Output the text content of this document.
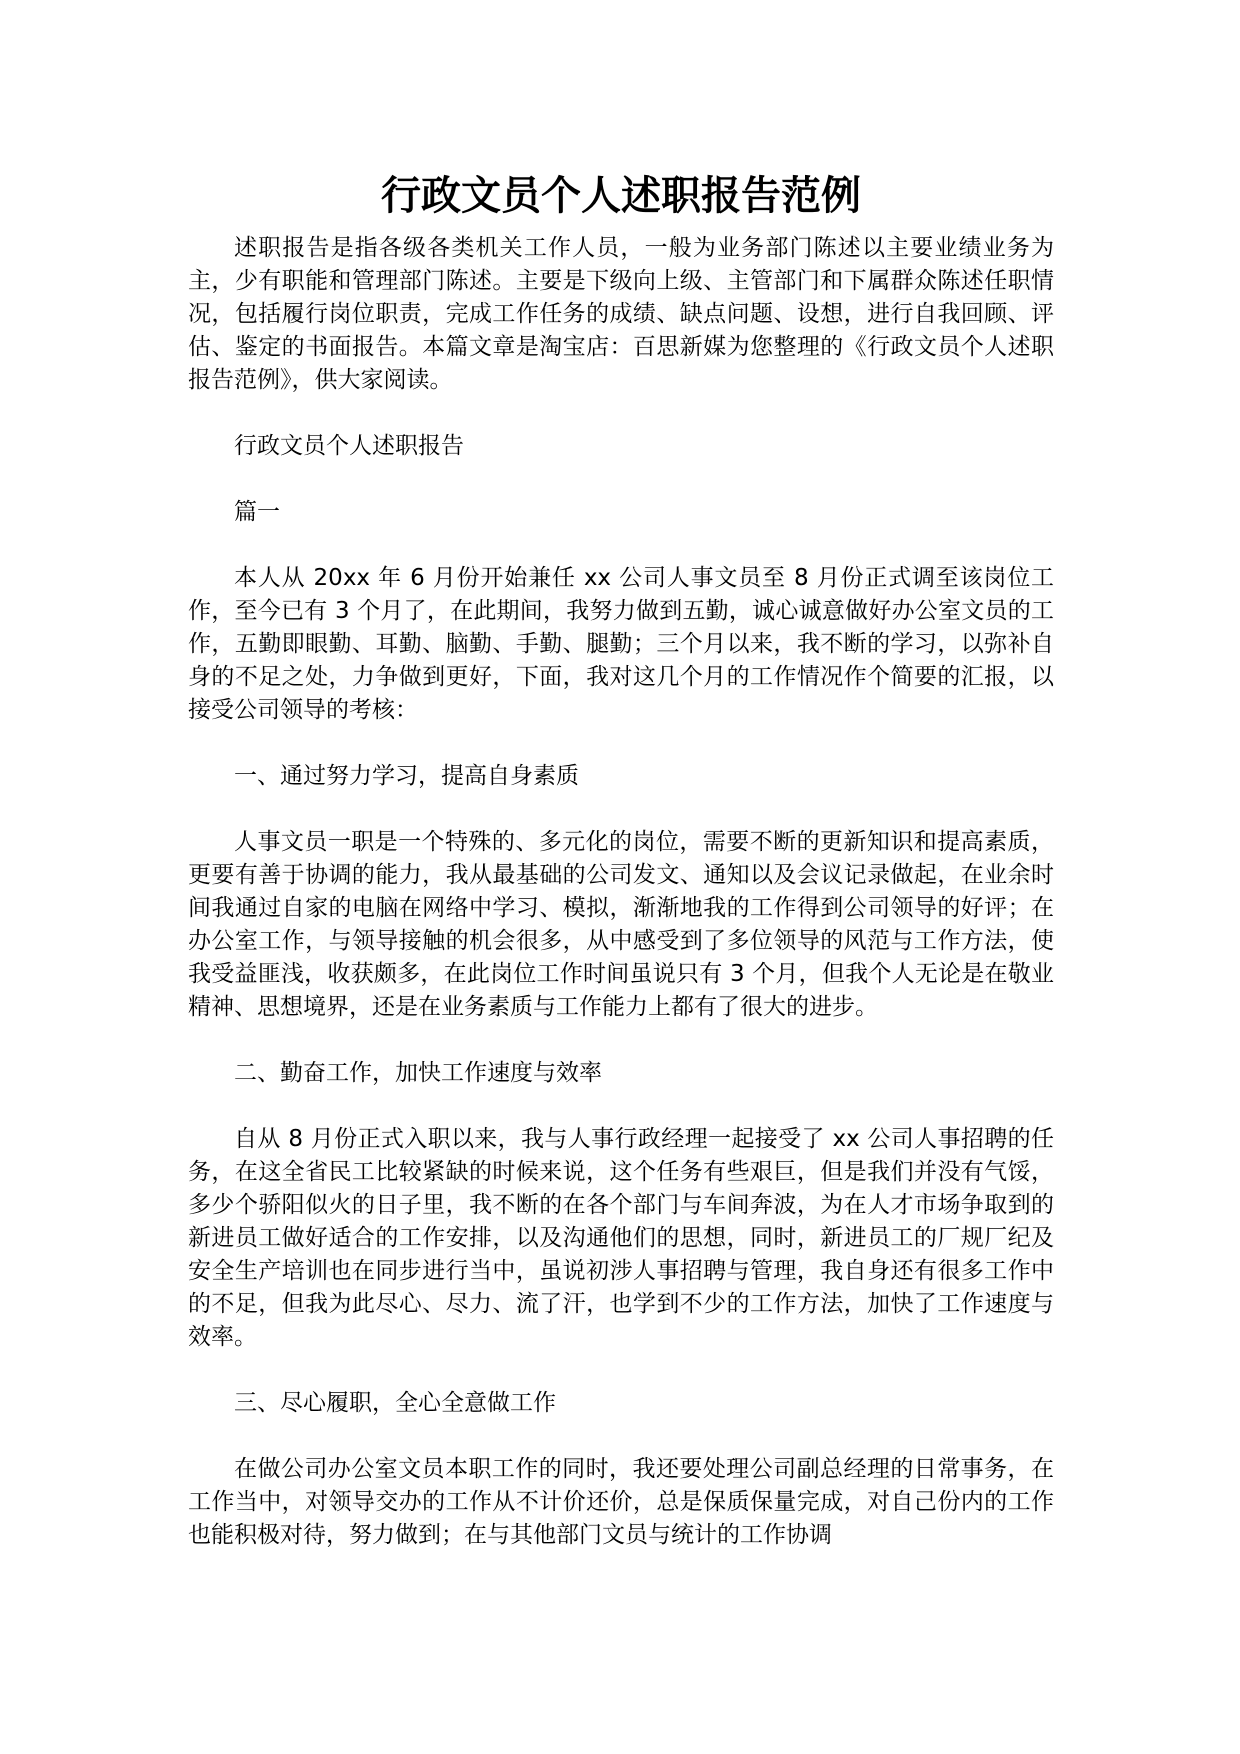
行政文员个人述职报告范例

述职报告是指各级各类机关工作人员，一般为业务部门陈述以主要业绩业务为主，少有职能和管理部门陈述。主要是下级向上级、主管部门和下属群众陈述任职情况，包括履行岗位职责，完成工作任务的成绩、缺点问题、设想，进行自我回顾、评估、鉴定的书面报告。本篇文章是淘宝店：百思新媒为您整理的《行政文员个人述职报告范例》，供大家阅读。

行政文员个人述职报告

篇一

本人从 20xx 年 6 月份开始兼任 xx 公司人事文员至 8 月份正式调至该岗位工作，至今已有 3 个月了，在此期间，我努力做到五勤，诚心诚意做好办公室文员的工作，五勤即眼勤、耳勤、脑勤、手勤、腿勤；三个月以来，我不断的学习，以弥补自身的不足之处，力争做到更好，下面，我对这几个月的工作情况作个简要的汇报，以接受公司领导的考核：

一、通过努力学习，提高自身素质

人事文员一职是一个特殊的、多元化的岗位，需要不断的更新知识和提高素质，更要有善于协调的能力，我从最基础的公司发文、通知以及会议记录做起，在业余时间我通过自家的电脑在网络中学习、模拟，渐渐地我的工作得到公司领导的好评；在办公室工作，与领导接触的机会很多，从中感受到了多位领导的风范与工作方法，使我受益匪浅，收获颇多，在此岗位工作时间虽说只有 3 个月，但我个人无论是在敬业精神、思想境界，还是在业务素质与工作能力上都有了很大的进步。

二、勤奋工作，加快工作速度与效率

自从 8 月份正式入职以来，我与人事行政经理一起接受了 xx 公司人事招聘的任务，在这全省民工比较紧缺的时候来说，这个任务有些艰巨，但是我们并没有气馁，多少个骄阳似火的日子里，我不断的在各个部门与车间奔波，为在人才市场争取到的新进员工做好适合的工作安排，以及沟通他们的思想，同时，新进员工的厂规厂纪及安全生产培训也在同步进行当中，虽说初涉人事招聘与管理，我自身还有很多工作中的不足，但我为此尽心、尽力、流了汗，也学到不少的工作方法，加快了工作速度与效率。

三、尽心履职，全心全意做工作

在做公司办公室文员本职工作的同时，我还要处理公司副总经理的日常事务，在工作当中，对领导交办的工作从不计价还价，总是保质保量完成，对自己份内的工作也能积极对待，努力做到；在与其他部门文员与统计的工作协调
